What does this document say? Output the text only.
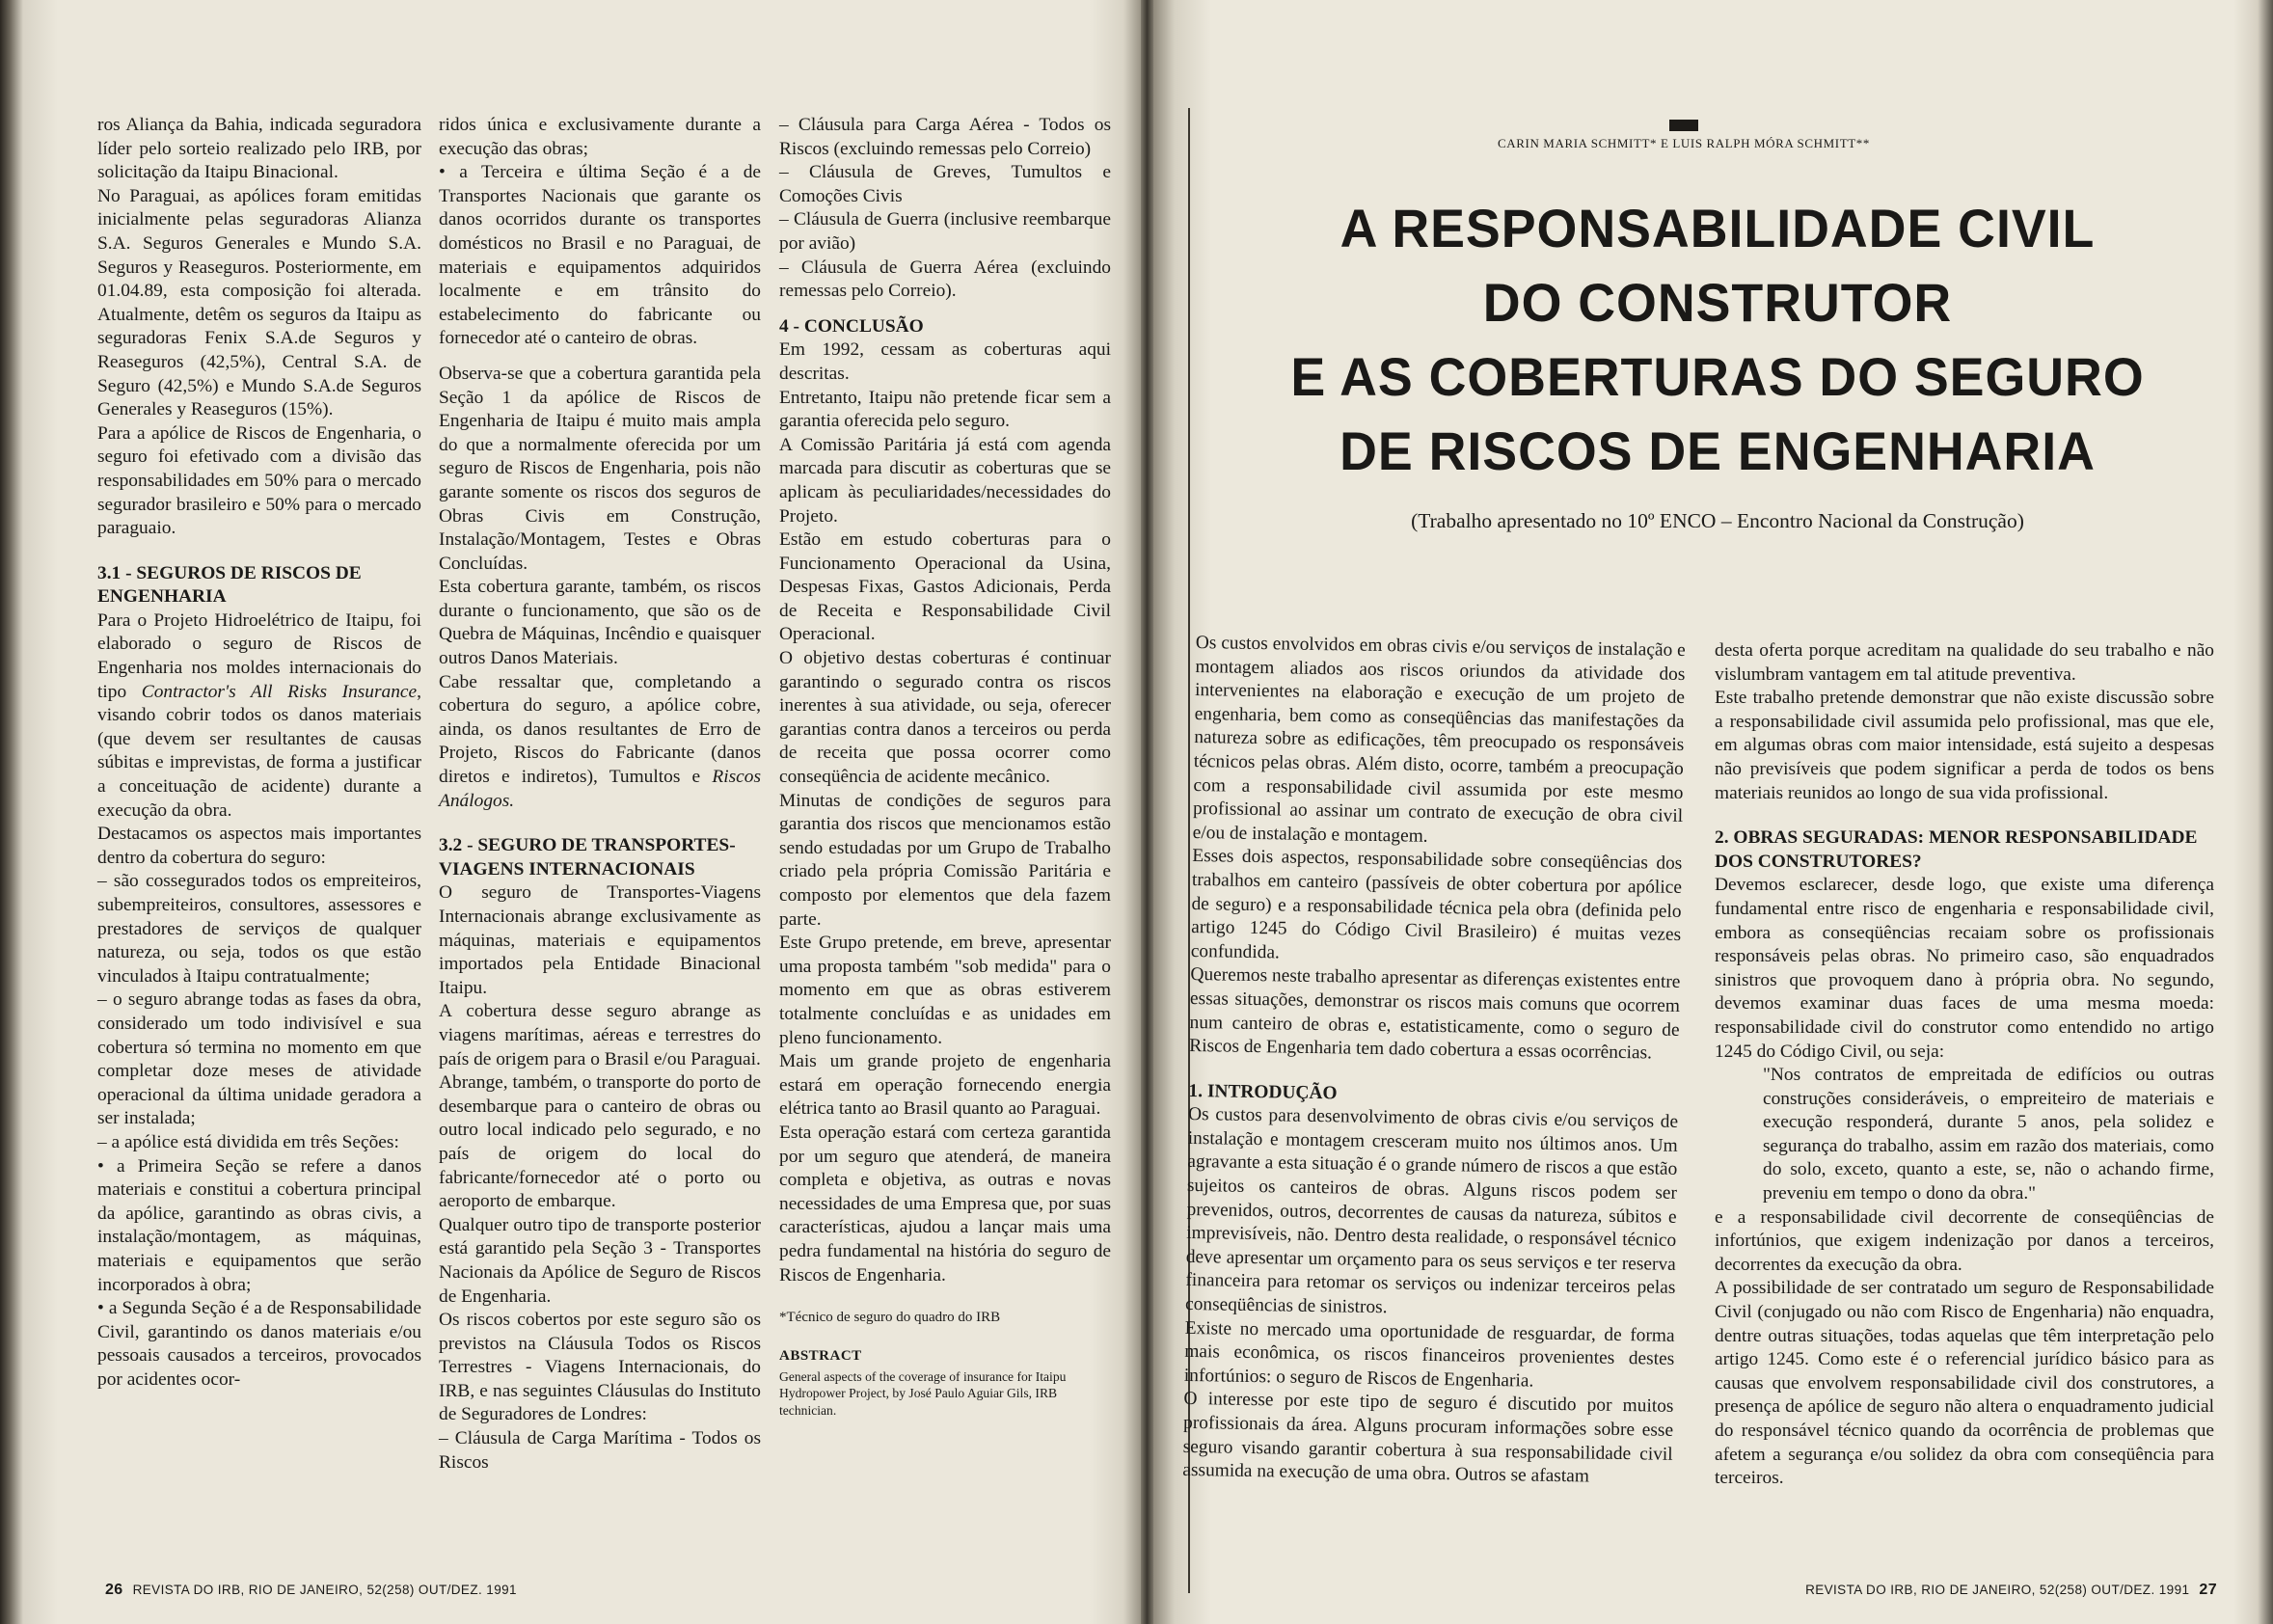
ros Aliança da Bahia, indicada seguradora líder pelo sorteio realizado pelo IRB, por solicitação da Itaipu Binacional.

No Paraguai, as apólices foram emitidas inicialmente pelas seguradoras Alianza S.A. Seguros Generales e Mundo S.A. Seguros y Reaseguros. Posteriormente, em 01.04.89, esta composição foi alterada. Atualmente, detêm os seguros da Itaipu as seguradoras Fenix S.A.de Seguros y Reaseguros (42,5%), Central S.A. de Seguro (42,5%) e Mundo S.A.de Seguros Generales y Reaseguros (15%).

Para a apólice de Riscos de Engenharia, o seguro foi efetivado com a divisão das responsabilidades em 50% para o mercado segurador brasileiro e 50% para o mercado paraguaio.

3.1 - SEGUROS DE RISCOS DE ENGENHARIA

Para o Projeto Hidroelétrico de Itaipu, foi elaborado o seguro de Riscos de Engenharia nos moldes internacionais do tipo Contractor's All Risks Insurance, visando cobrir todos os danos materiais (que devem ser resultantes de causas súbitas e imprevistas, de forma a justificar a conceituação de acidente) durante a execução da obra.

Destacamos os aspectos mais importantes dentro da cobertura do seguro:

– são cossegurados todos os empreiteiros, subempreiteiros, consultores, assessores e prestadores de serviços de qualquer natureza, ou seja, todos os que estão vinculados à Itaipu contratualmente;

– o seguro abrange todas as fases da obra, considerado um todo indivisível e sua cobertura só termina no momento em que completar doze meses de atividade operacional da última unidade geradora a ser instalada;

– a apólice está dividida em três Seções:

• a Primeira Seção se refere a danos materiais e constitui a cobertura principal da apólice, garantindo as obras civis, a instalação/montagem, as máquinas, materiais e equipamentos que serão incorporados à obra;

• a Segunda Seção é a de Responsabilidade Civil, garantindo os danos materiais e/ou pessoais causados a terceiros, provocados por acidentes ocor-

ridos única e exclusivamente durante a execução das obras;

• a Terceira e última Seção é a de Transportes Nacionais que garante os danos ocorridos durante os transportes domésticos no Brasil e no Paraguai, de materiais e equipamentos adquiridos localmente e em trânsito do estabelecimento do fabricante ou fornecedor até o canteiro de obras.

Observa-se que a cobertura garantida pela Seção 1 da apólice de Riscos de Engenharia de Itaipu é muito mais ampla do que a normalmente oferecida por um seguro de Riscos de Engenharia, pois não garante somente os riscos dos seguros de Obras Civis em Construção, Instalação/Montagem, Testes e Obras Concluídas.

Esta cobertura garante, também, os riscos durante o funcionamento, que são os de Quebra de Máquinas, Incêndio e quaisquer outros Danos Materiais.

Cabe ressaltar que, completando a cobertura do seguro, a apólice cobre, ainda, os danos resultantes de Erro de Projeto, Riscos do Fabricante (danos diretos e indiretos), Tumultos e Riscos Análogos.

3.2 - SEGURO DE TRANSPORTES-VIAGENS INTERNACIONAIS

O seguro de Transportes-Viagens Internacionais abrange exclusivamente as máquinas, materiais e equipamentos importados pela Entidade Binacional Itaipu.

A cobertura desse seguro abrange as viagens marítimas, aéreas e terrestres do país de origem para o Brasil e/ou Paraguai.

Abrange, também, o transporte do porto de desembarque para o canteiro de obras ou outro local indicado pelo segurado, e no país de origem do local do fabricante/fornecedor até o porto ou aeroporto de embarque.

Qualquer outro tipo de transporte posterior está garantido pela Seção 3 - Transportes Nacionais da Apólice de Seguro de Riscos de Engenharia.

Os riscos cobertos por este seguro são os previstos na Cláusula Todos os Riscos Terrestres - Viagens Internacionais, do IRB, e nas seguintes Cláusulas do Instituto de Seguradores de Londres:

– Cláusula de Carga Marítima - Todos os Riscos

– Cláusula para Carga Aérea - Todos os Riscos (excluindo remessas pelo Correio)

– Cláusula de Greves, Tumultos e Comoções Civis

– Cláusula de Guerra (inclusive reembarque por avião)

– Cláusula de Guerra Aérea (excluindo remessas pelo Correio).

4 - CONCLUSÃO

Em 1992, cessam as coberturas aqui descritas.

Entretanto, Itaipu não pretende ficar sem a garantia oferecida pelo seguro.

A Comissão Paritária já está com agenda marcada para discutir as coberturas que se aplicam às peculiaridades/necessidades do Projeto.

Estão em estudo coberturas para o Funcionamento Operacional da Usina, Despesas Fixas, Gastos Adicionais, Perda de Receita e Responsabilidade Civil Operacional.

O objetivo destas coberturas é continuar garantindo o segurado contra os riscos inerentes à sua atividade, ou seja, oferecer garantias contra danos a terceiros ou perda de receita que possa ocorrer como conseqüência de acidente mecânico.

Minutas de condições de seguros para garantia dos riscos que mencionamos estão sendo estudadas por um Grupo de Trabalho criado pela própria Comissão Paritária e composto por elementos que dela fazem parte.

Este Grupo pretende, em breve, apresentar uma proposta também "sob medida" para o momento em que as obras estiverem totalmente concluídas e as unidades em pleno funcionamento.

Mais um grande projeto de engenharia estará em operação fornecendo energia elétrica tanto ao Brasil quanto ao Paraguai.

Esta operação estará com certeza garantida por um seguro que atenderá, de maneira completa e objetiva, as outras e novas necessidades de uma Empresa que, por suas características, ajudou a lançar mais uma pedra fundamental na história do seguro de Riscos de Engenharia.

*Técnico de seguro do quadro do IRB

ABSTRACT

General aspects of the coverage of insurance for Itaipu Hydropower Project, by José Paulo Aguiar Gils, IRB technician.

26 REVISTA DO IRB, RIO DE JANEIRO, 52(258) OUT/DEZ. 1991
CARIN MARIA SCHMITT* E LUIS RALPH MÓRA SCHMITT**
A RESPONSABILIDADE CIVIL
DO CONSTRUTOR
E AS COBERTURAS DO SEGURO
DE RISCOS DE ENGENHARIA
(Trabalho apresentado no 10º ENCO – Encontro Nacional da Construção)

Os custos envolvidos em obras civis e/ou serviços de instalação e montagem aliados aos riscos oriundos da atividade dos intervenientes na elaboração e execução de um projeto de engenharia, bem como as conseqüências das manifestações da natureza sobre as edificações, têm preocupado os responsáveis técnicos pelas obras. Além disto, ocorre, também a preocupação com a responsabilidade civil assumida por este mesmo profissional ao assinar um contrato de execução de obra civil e/ou de instalação e montagem.

Esses dois aspectos, responsabilidade sobre conseqüências dos trabalhos em canteiro (passíveis de obter cobertura por apólice de seguro) e a responsabilidade técnica pela obra (definida pelo artigo 1245 do Código Civil Brasileiro) é muitas vezes confundida.

Queremos neste trabalho apresentar as diferenças existentes entre essas situações, demonstrar os riscos mais comuns que ocorrem num canteiro de obras e, estatisticamente, como o seguro de Riscos de Engenharia tem dado cobertura a essas ocorrências.

1. INTRODUÇÃO

Os custos para desenvolvimento de obras civis e/ou serviços de instalação e montagem cresceram muito nos últimos anos. Um agravante a esta situação é o grande número de riscos a que estão sujeitos os canteiros de obras. Alguns riscos podem ser prevenidos, outros, decorrentes de causas da natureza, súbitos e imprevisíveis, não. Dentro desta realidade, o responsável técnico deve apresentar um orçamento para os seus serviços e ter reserva financeira para retomar os serviços ou indenizar terceiros pelas conseqüências de sinistros.

Existe no mercado uma oportunidade de resguardar, de forma mais econômica, os riscos financeiros provenientes destes infortúnios: o seguro de Riscos de Engenharia.

O interesse por este tipo de seguro é discutido por muitos profissionais da área. Alguns procuram informações sobre esse seguro visando garantir cobertura à sua responsabilidade civil assumida na execução de uma obra. Outros se afastam

desta oferta porque acreditam na qualidade do seu trabalho e não vislumbram vantagem em tal atitude preventiva.

Este trabalho pretende demonstrar que não existe discussão sobre a responsabilidade civil assumida pelo profissional, mas que ele, em algumas obras com maior intensidade, está sujeito a despesas não previsíveis que podem significar a perda de todos os bens materiais reunidos ao longo de sua vida profissional.

2. OBRAS SEGURADAS: MENOR RESPONSABILIDADE DOS CONSTRUTORES?

Devemos esclarecer, desde logo, que existe uma diferença fundamental entre risco de engenharia e responsabilidade civil, embora as conseqüências recaiam sobre os profissionais responsáveis pelas obras. No primeiro caso, são enquadrados sinistros que provoquem dano à própria obra. No segundo, devemos examinar duas faces de uma mesma moeda: responsabilidade civil do construtor como entendido no artigo 1245 do Código Civil, ou seja:

"Nos contratos de empreitada de edifícios ou outras construções consideráveis, o empreiteiro de materiais e execução responderá, durante 5 anos, pela solidez e segurança do trabalho, assim em razão dos materiais, como do solo, exceto, quanto a este, se, não o achando firme, preveniu em tempo o dono da obra."

e a responsabilidade civil decorrente de conseqüências de infortúnios, que exigem indenização por danos a terceiros, decorrentes da execução da obra.

A possibilidade de ser contratado um seguro de Responsabilidade Civil (conjugado ou não com Risco de Engenharia) não enquadra, dentre outras situações, todas aquelas que têm interpretação pelo artigo 1245. Como este é o referencial jurídico básico para as causas que envolvem responsabilidade civil dos construtores, a presença de apólice de seguro não altera o enquadramento judicial do responsável técnico quando da ocorrência de problemas que afetem a segurança e/ou solidez da obra com conseqüência para terceiros.

REVISTA DO IRB, RIO DE JANEIRO, 52(258) OUT/DEZ. 1991 27
